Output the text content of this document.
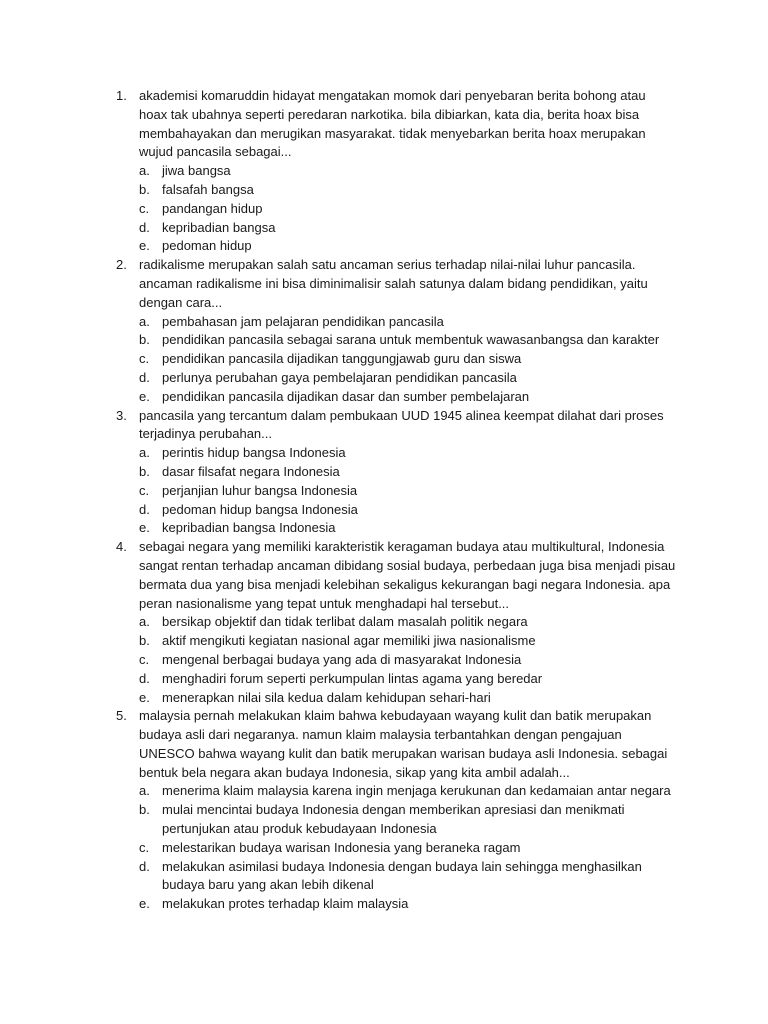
1. akademisi komaruddin hidayat mengatakan momok dari penyebaran berita bohong atau hoax tak ubahnya seperti peredaran narkotika. bila dibiarkan, kata dia, berita hoax bisa membahayakan dan merugikan masyarakat. tidak menyebarkan berita hoax merupakan wujud pancasila sebagai...
a. jiwa bangsa
b. falsafah bangsa
c. pandangan hidup
d. kepribadian bangsa
e. pedoman hidup
2. radikalisme merupakan salah satu ancaman serius terhadap nilai-nilai luhur pancasila. ancaman radikalisme ini bisa diminimalisir salah satunya dalam bidang pendidikan, yaitu dengan cara...
a. pembahasan jam pelajaran pendidikan pancasila
b. pendidikan pancasila sebagai sarana untuk membentuk wawasanbangsa dan karakter
c. pendidikan pancasila dijadikan tanggungjawab guru dan siswa
d. perlunya perubahan gaya pembelajaran pendidikan pancasila
e. pendidikan pancasila dijadikan dasar dan sumber pembelajaran
3. pancasila yang tercantum dalam pembukaan UUD 1945 alinea keempat dilahat dari proses terjadinya perubahan...
a. perintis hidup bangsa Indonesia
b. dasar filsafat negara Indonesia
c. perjanjian luhur bangsa Indonesia
d. pedoman hidup bangsa Indonesia
e. kepribadian bangsa Indonesia
4. sebagai negara yang memiliki karakteristik keragaman budaya atau multikultural, Indonesia sangat rentan terhadap ancaman dibidang sosial budaya, perbedaan juga bisa menjadi pisau bermata dua yang bisa menjadi kelebihan sekaligus kekurangan bagi negara Indonesia. apa peran nasionalisme yang tepat untuk menghadapi hal tersebut...
a. bersikap objektif dan tidak terlibat dalam masalah politik negara
b. aktif mengikuti kegiatan nasional agar memiliki jiwa nasionalisme
c. mengenal berbagai budaya yang ada di masyarakat Indonesia
d. menghadiri forum seperti perkumpulan lintas agama yang beredar
e. menerapkan nilai sila kedua dalam kehidupan sehari-hari
5. malaysia pernah melakukan klaim bahwa kebudayaan wayang kulit dan batik merupakan budaya asli dari negaranya. namun klaim malaysia terbantahkan dengan pengajuan UNESCO bahwa wayang kulit dan batik merupakan warisan budaya asli Indonesia. sebagai bentuk bela negara akan budaya Indonesia, sikap yang kita ambil adalah...
a. menerima klaim malaysia karena ingin menjaga kerukunan dan kedamaian antar negara
b. mulai mencintai budaya Indonesia dengan memberikan apresiasi dan menikmati pertunjukan atau produk kebudayaan Indonesia
c. melestarikan budaya warisan Indonesia yang beraneka ragam
d. melakukan asimilasi budaya Indonesia dengan budaya lain sehingga menghasilkan budaya baru yang akan lebih dikenal
e. melakukan protes terhadap klaim malaysia
